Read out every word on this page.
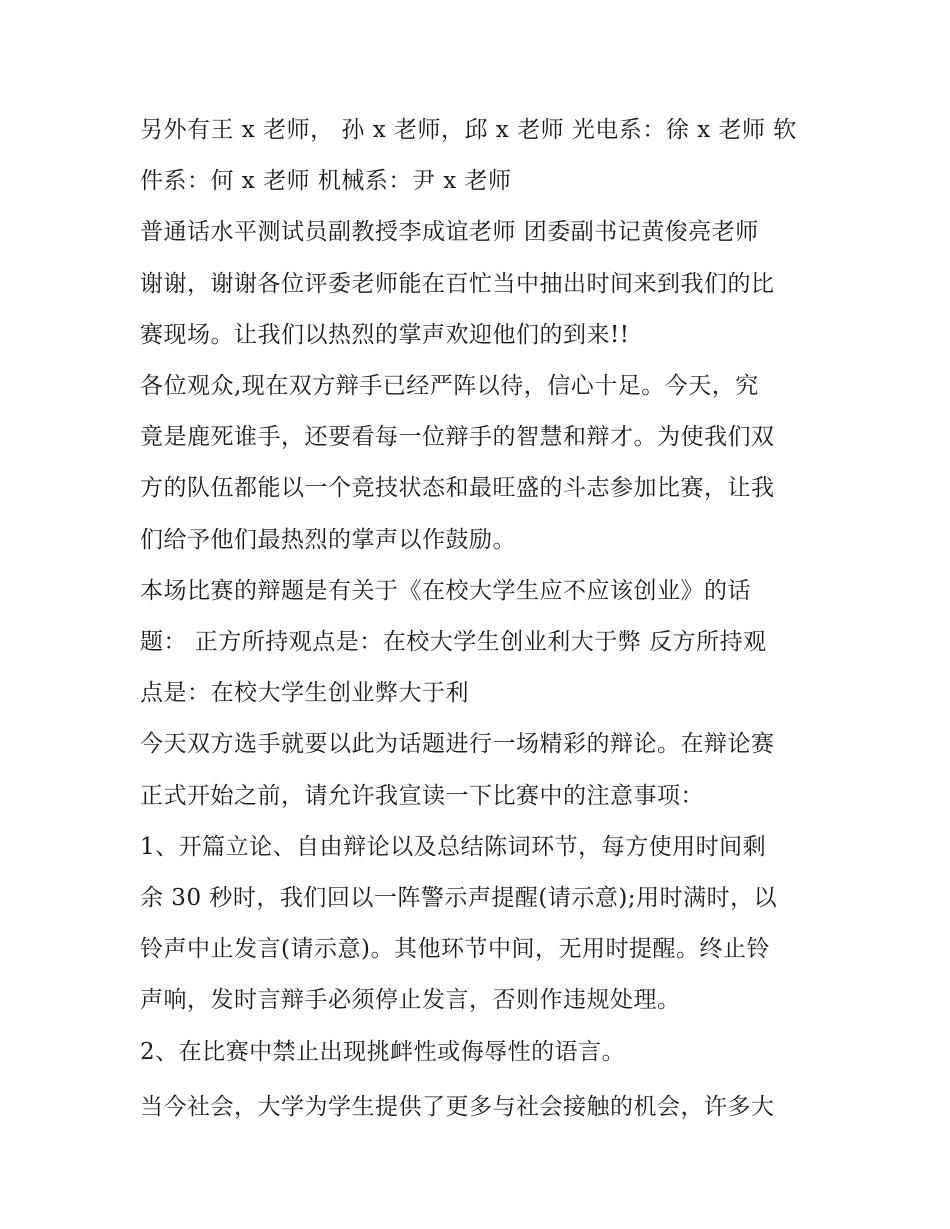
另外有王 x 老师， 孙 x 老师，邱 x 老师 光电系：徐 x 老师 软
件系：何 x 老师 机械系：尹 x 老师
普通话水平测试员副教授李成谊老师 团委副书记黄俊亮老师
谢谢，谢谢各位评委老师能在百忙当中抽出时间来到我们的比
赛现场。让我们以热烈的掌声欢迎他们的到来!!
各位观众,现在双方辩手已经严阵以待，信心十足。今天，究
竟是鹿死谁手，还要看每一位辩手的智慧和辩才。为使我们双
方的队伍都能以一个竞技状态和最旺盛的斗志参加比赛，让我
们给予他们最热烈的掌声以作鼓励。
本场比赛的辩题是有关于《在校大学生应不应该创业》的话
题： 正方所持观点是：在校大学生创业利大于弊 反方所持观
点是：在校大学生创业弊大于利
今天双方选手就要以此为话题进行一场精彩的辩论。在辩论赛
正式开始之前，请允许我宣读一下比赛中的注意事项：
1、开篇立论、自由辩论以及总结陈词环节，每方使用时间剩
余 30 秒时，我们回以一阵警示声提醒(请示意);用时满时，以
铃声中止发言(请示意)。其他环节中间，无用时提醒。终止铃
声响，发时言辩手必须停止发言，否则作违规处理。
2、在比赛中禁止出现挑衅性或侮辱性的语言。
当今社会，大学为学生提供了更多与社会接触的机会，许多大
